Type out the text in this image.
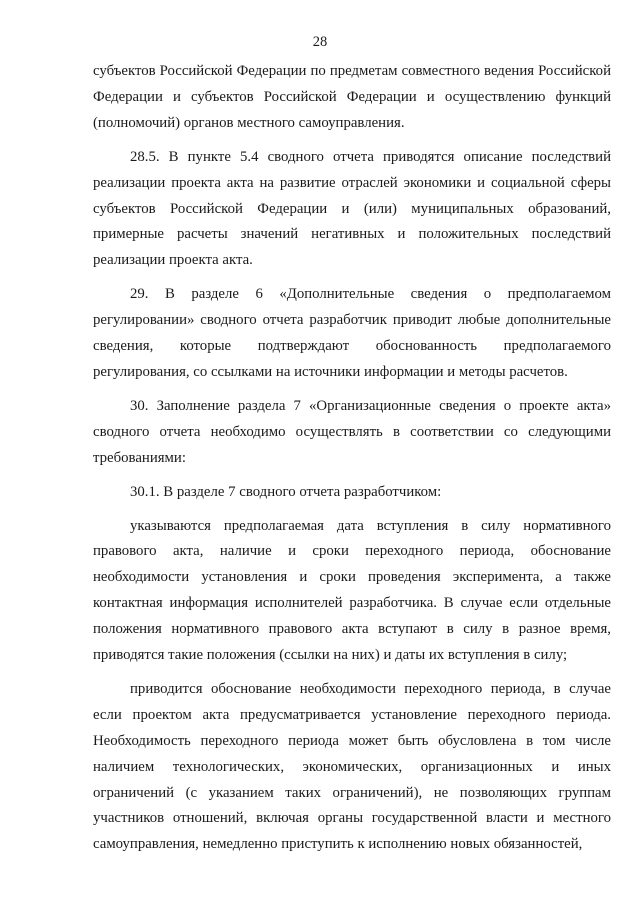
28

субъектов Российской Федерации по предметам совместного ведения Российской Федерации и субъектов Российской Федерации и осуществлению функций (полномочий) органов местного самоуправления.

28.5. В пункте 5.4 сводного отчета приводятся описание последствий реализации проекта акта на развитие отраслей экономики и социальной сферы субъектов Российской Федерации и (или) муниципальных образований, примерные расчеты значений негативных и положительных последствий реализации проекта акта.

29. В разделе 6 «Дополнительные сведения о предполагаемом регулировании» сводного отчета разработчик приводит любые дополнительные сведения, которые подтверждают обоснованность предполагаемого регулирования, со ссылками на источники информации и методы расчетов.

30. Заполнение раздела 7 «Организационные сведения о проекте акта» сводного отчета необходимо осуществлять в соответствии со следующими требованиями:

30.1. В разделе 7 сводного отчета разработчиком:

указываются предполагаемая дата вступления в силу нормативного правового акта, наличие и сроки переходного периода, обоснование необходимости установления и сроки проведения эксперимента, а также контактная информация исполнителей разработчика. В случае если отдельные положения нормативного правового акта вступают в силу в разное время, приводятся такие положения (ссылки на них) и даты их вступления в силу;

приводится обоснование необходимости переходного периода, в случае если проектом акта предусматривается установление переходного периода. Необходимость переходного периода может быть обусловлена в том числе наличием технологических, экономических, организационных и иных ограничений (с указанием таких ограничений), не позволяющих группам участников отношений, включая органы государственной власти и местного самоуправления, немедленно приступить к исполнению новых обязанностей,
